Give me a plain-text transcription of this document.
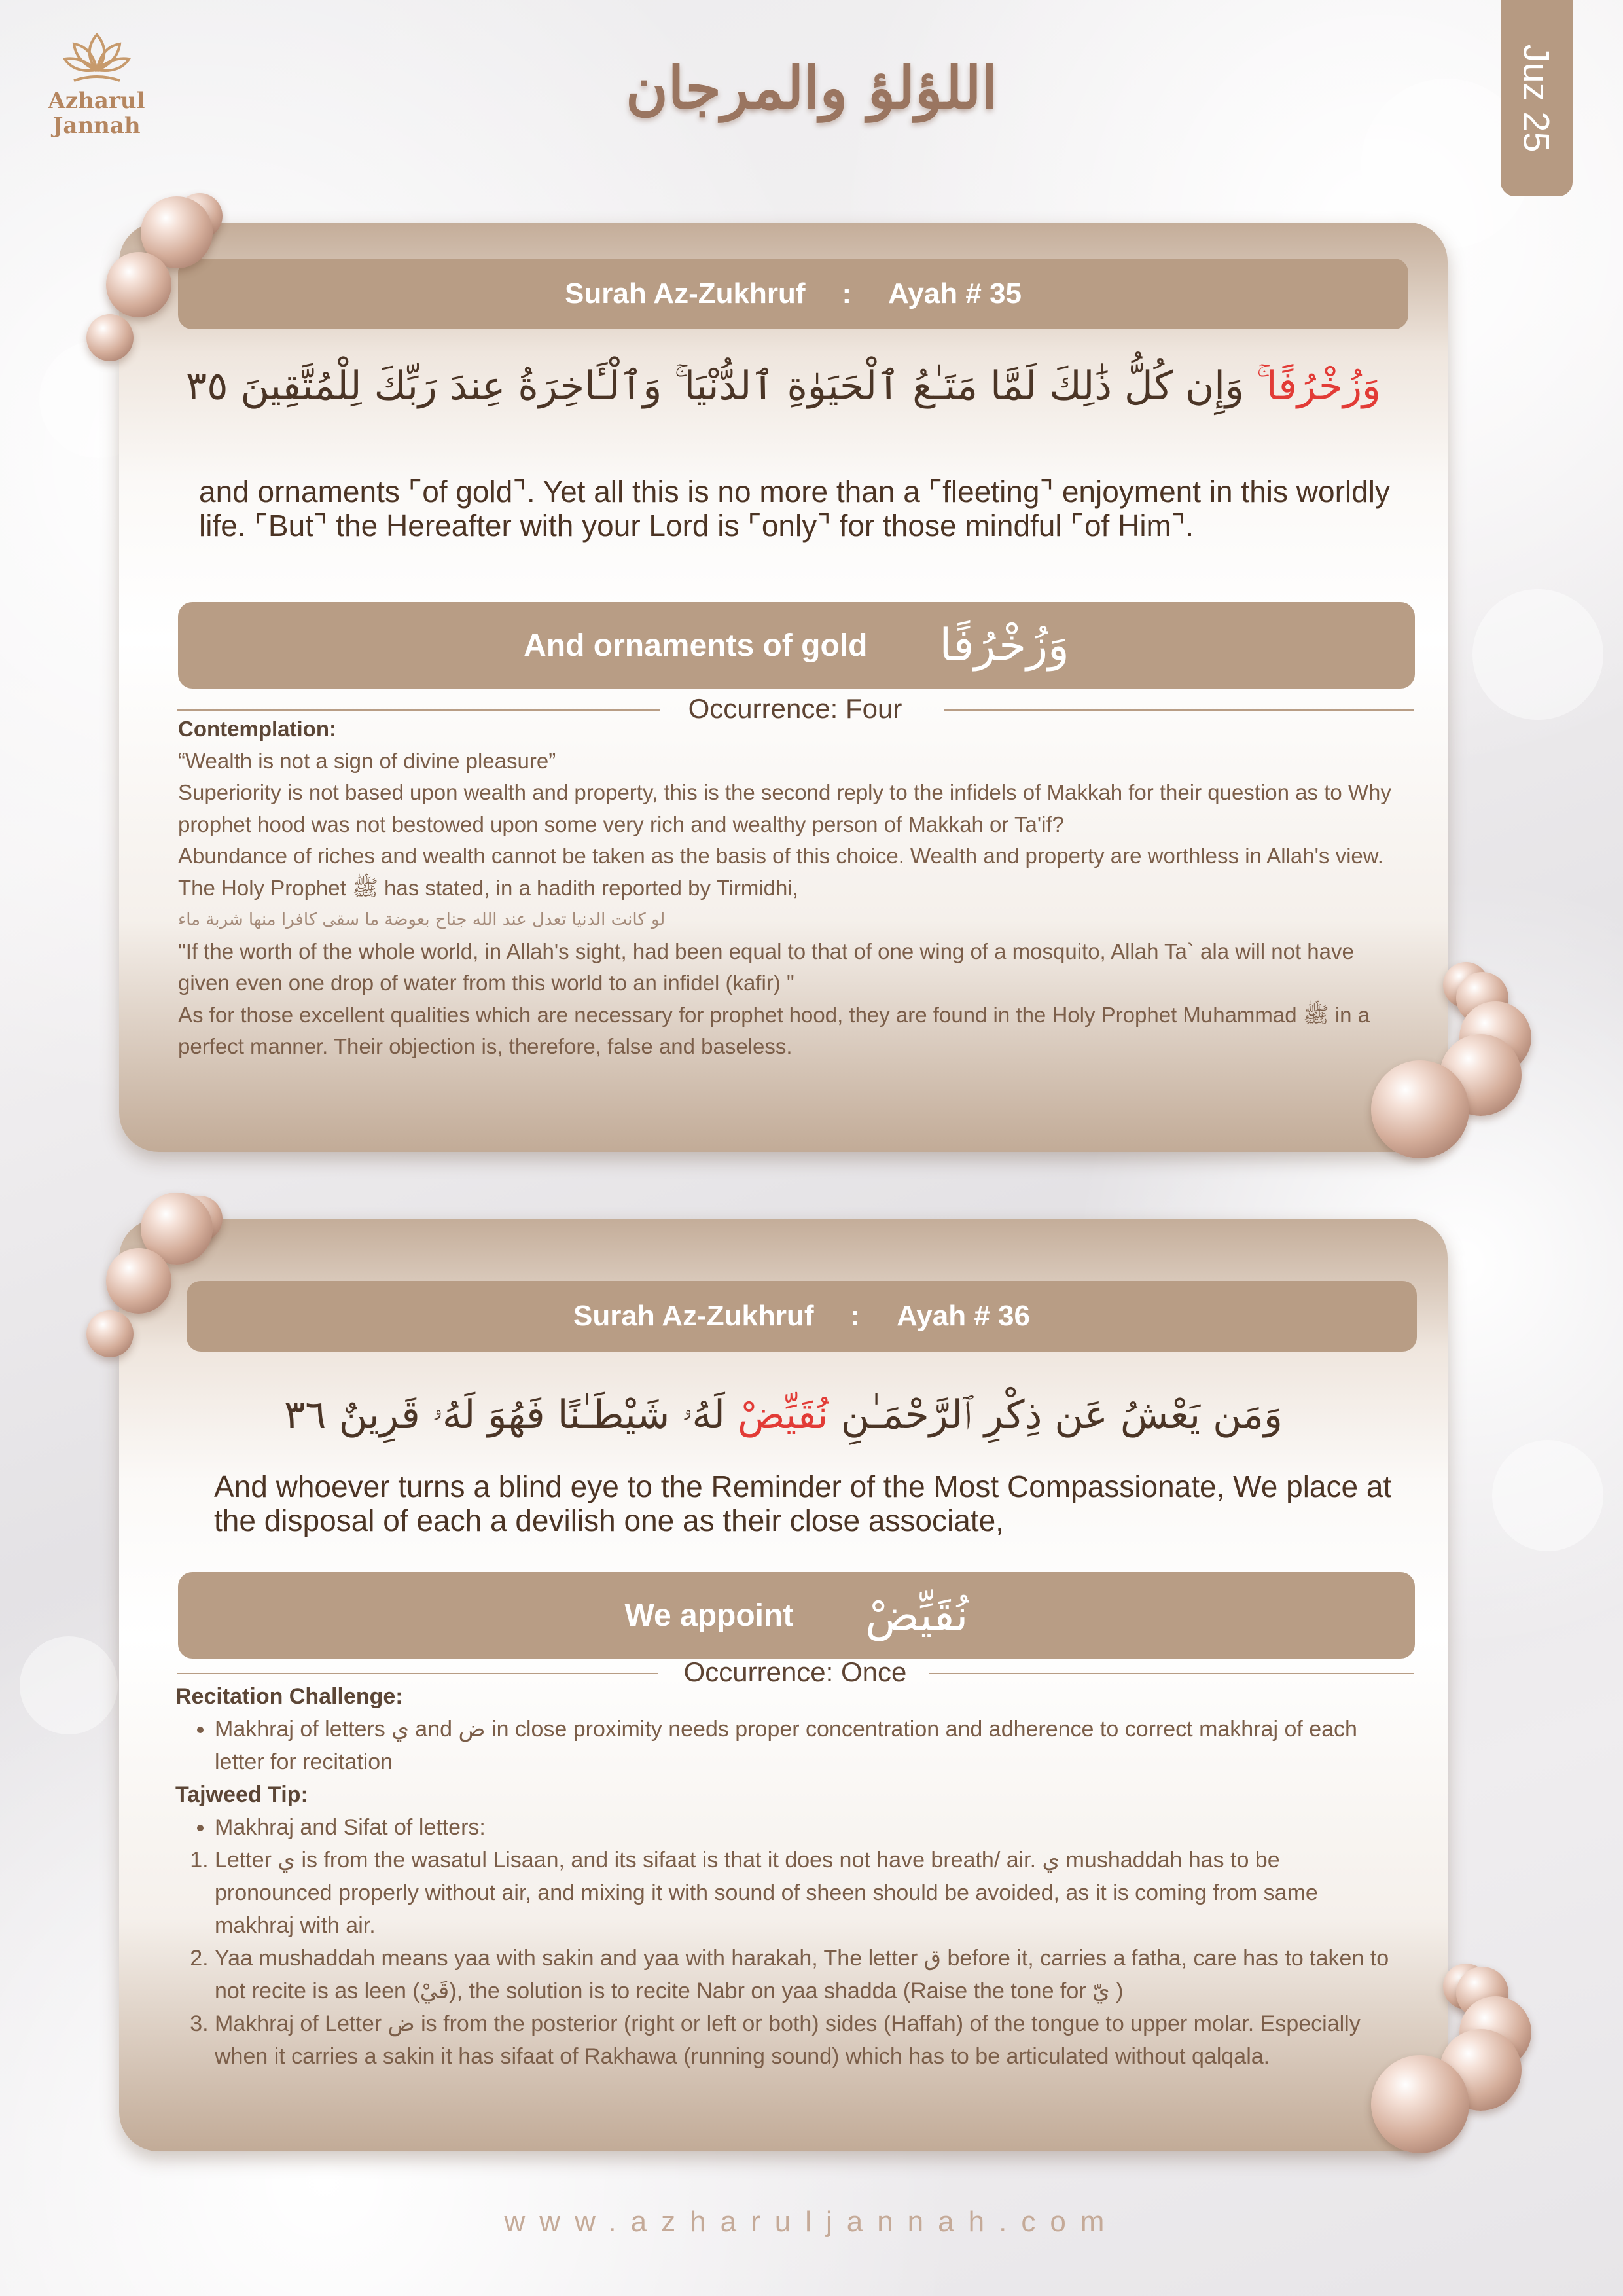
Azharul
Jannah
اللؤلؤ والمرجان	Juz 25
Surah Az-Zukhruf : Ayah # 35
وَزُخْرُفًا ۚ وَإِن كُلُّ ذَٰلِكَ لَمَّا مَتَـٰعُ ٱلْحَيَوٰةِ ٱلدُّنْيَا ۚ وَٱلْـَٔاخِرَةُ عِندَ رَبِّكَ لِلْمُتَّقِينَ ٣٥
and ornaments ⌜of gold⌝. Yet all this is no more than a ⌜fleeting⌝ enjoyment in this worldly life. ⌜But⌝ the Hereafter with your Lord is ⌜only⌝ for those mindful ⌜of Him⌝.
And ornaments of gold وَزُخْرُفًا
Occurrence: Four

Contemplation:

“Wealth is not a sign of divine pleasure”

Superiority is not based upon wealth and property, this is the second reply to the infidels of Makkah for their question as to Why prophet hood was not bestowed upon some very rich and wealthy person of Makkah or Ta'if?

Abundance of riches and wealth cannot be taken as the basis of this choice. Wealth and property are worthless in Allah's view.

The Holy Prophet ﷺ has stated, in a hadith reported by Tirmidhi,

لو كانت الدنيا تعدل عند الله جناح بعوضة ما سقى كافرا منها شربة ماء

"If the worth of the whole world, in Allah's sight, had been equal to that of one wing of a mosquito, Allah Ta` ala will not have given even one drop of water from this world to an infidel (kafir) "

As for those excellent qualities which are necessary for prophet hood, they are found in the Holy Prophet Muhammad ﷺ in a perfect manner. Their objection is, therefore, false and baseless.

Surah Az-Zukhruf : Ayah # 36
وَمَن يَعْشُ عَن ذِكْرِ ٱلرَّحْمَـٰنِ نُقَيِّضْ لَهُۥ شَيْطَـٰنًا فَهُوَ لَهُۥ قَرِينٌ ٣٦
And whoever turns a blind eye to the Reminder of the Most Compassionate, We place at the disposal of each a devilish one as their close associate,
We appoint نُقَيِّضْ
Occurrence: Once

Recitation Challenge:

• Makhraj of letters ي and ض in close proximity needs proper concentration and adherence to correct makhraj of each letter for recitation

Tajweed Tip:

• Makhraj and Sifat of letters:
1. Letter ي is from the wasatul Lisaan, and its sifaat is that it does not have breath/ air. ي mushaddah has to be pronounced properly without air, and mixing it with sound of sheen should be avoided, as it is coming from same makhraj with air.
2. Yaa mushaddah means yaa with sakin and yaa with harakah, The letter ق before it, carries a fatha, care has to taken to not recite is as leen (قَيْ), the solution is to recite Nabr on yaa shadda (Raise the tone for يّ )
3. Makhraj of Letter ض is from the posterior (right or left or both) sides (Haffah) of the tongue to upper molar. Especially when it carries a sakin it has sifaat of Rakhawa (running sound) which has to be articulated without qalqala.
www.azharuljannah.com
